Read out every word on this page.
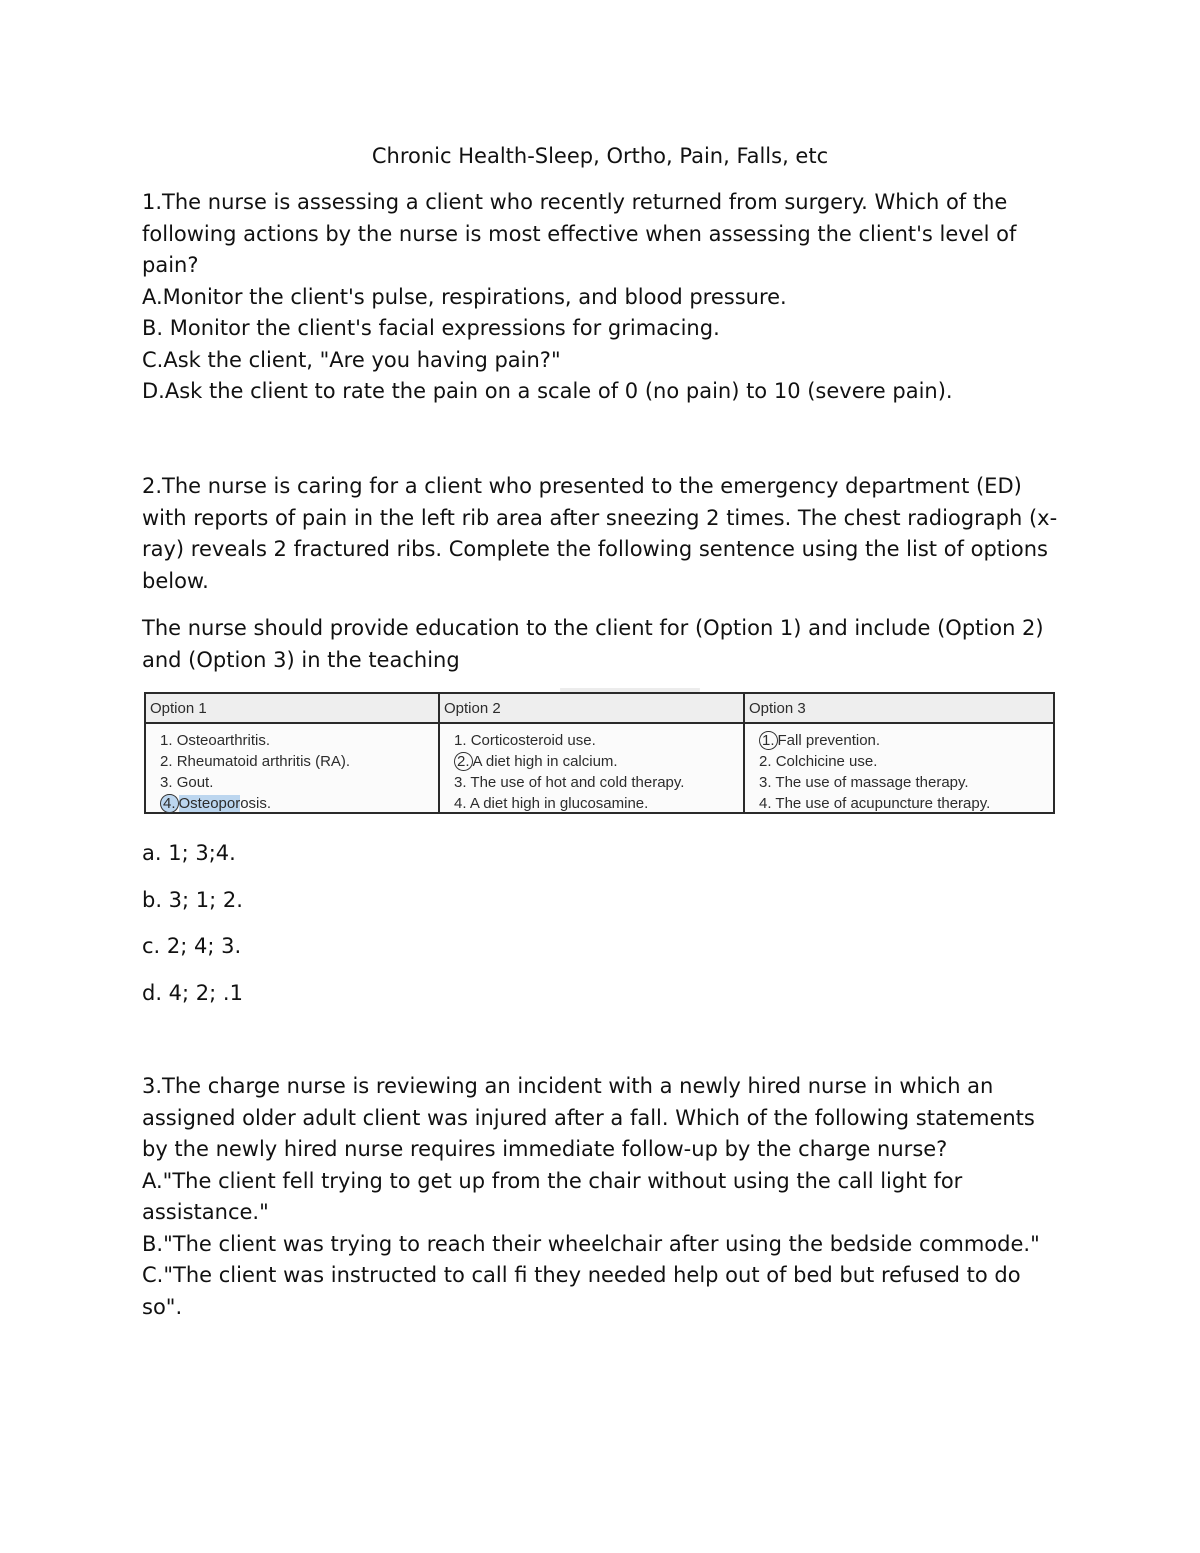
Chronic Health-Sleep, Ortho, Pain, Falls, etc

1.The nurse is assessing a client who recently returned from surgery. Which of the following actions by the nurse is most effective when assessing the client's level of pain?

A.Monitor the client's pulse, respirations, and blood pressure.

B. Monitor the client's facial expressions for grimacing.

C.Ask the client, "Are you having pain?"

D.Ask the client to rate the pain on a scale of 0 (no pain) to 10 (severe pain).

2.The nurse is caring for a client who presented to the emergency department (ED) with reports of pain in the left rib area after sneezing 2 times. The chest radiograph (x-ray) reveals 2 fractured ribs. Complete the following sentence using the list of options below.

The nurse should provide education to the client for (Option 1) and include (Option 2) and (Option 3) in the teaching

Option 1	Option 2	Option 3
1. Osteoarthritis.
2. Rheumatoid arthritis (RA).
3. Gout.
4. Osteoporosis.
1. Corticosteroid use.
2. A diet high in calcium.
3. The use of hot and cold therapy.
4. A diet high in glucosamine.
1. Fall prevention.
2. Colchicine use.
3. The use of massage therapy.
4. The use of acupuncture therapy.

a. 1; 3;4.

b. 3; 1; 2.

c. 2; 4; 3.

d. 4; 2; .1

3.The charge nurse is reviewing an incident with a newly hired nurse in which an assigned older adult client was injured after a fall. Which of the following statements by the newly hired nurse requires immediate follow-up by the charge nurse?

A."The client fell trying to get up from the chair without using the call light for assistance."

B."The client was trying to reach their wheelchair after using the bedside commode."

C."The client was instructed to call fi they needed help out of bed but refused to do so".
